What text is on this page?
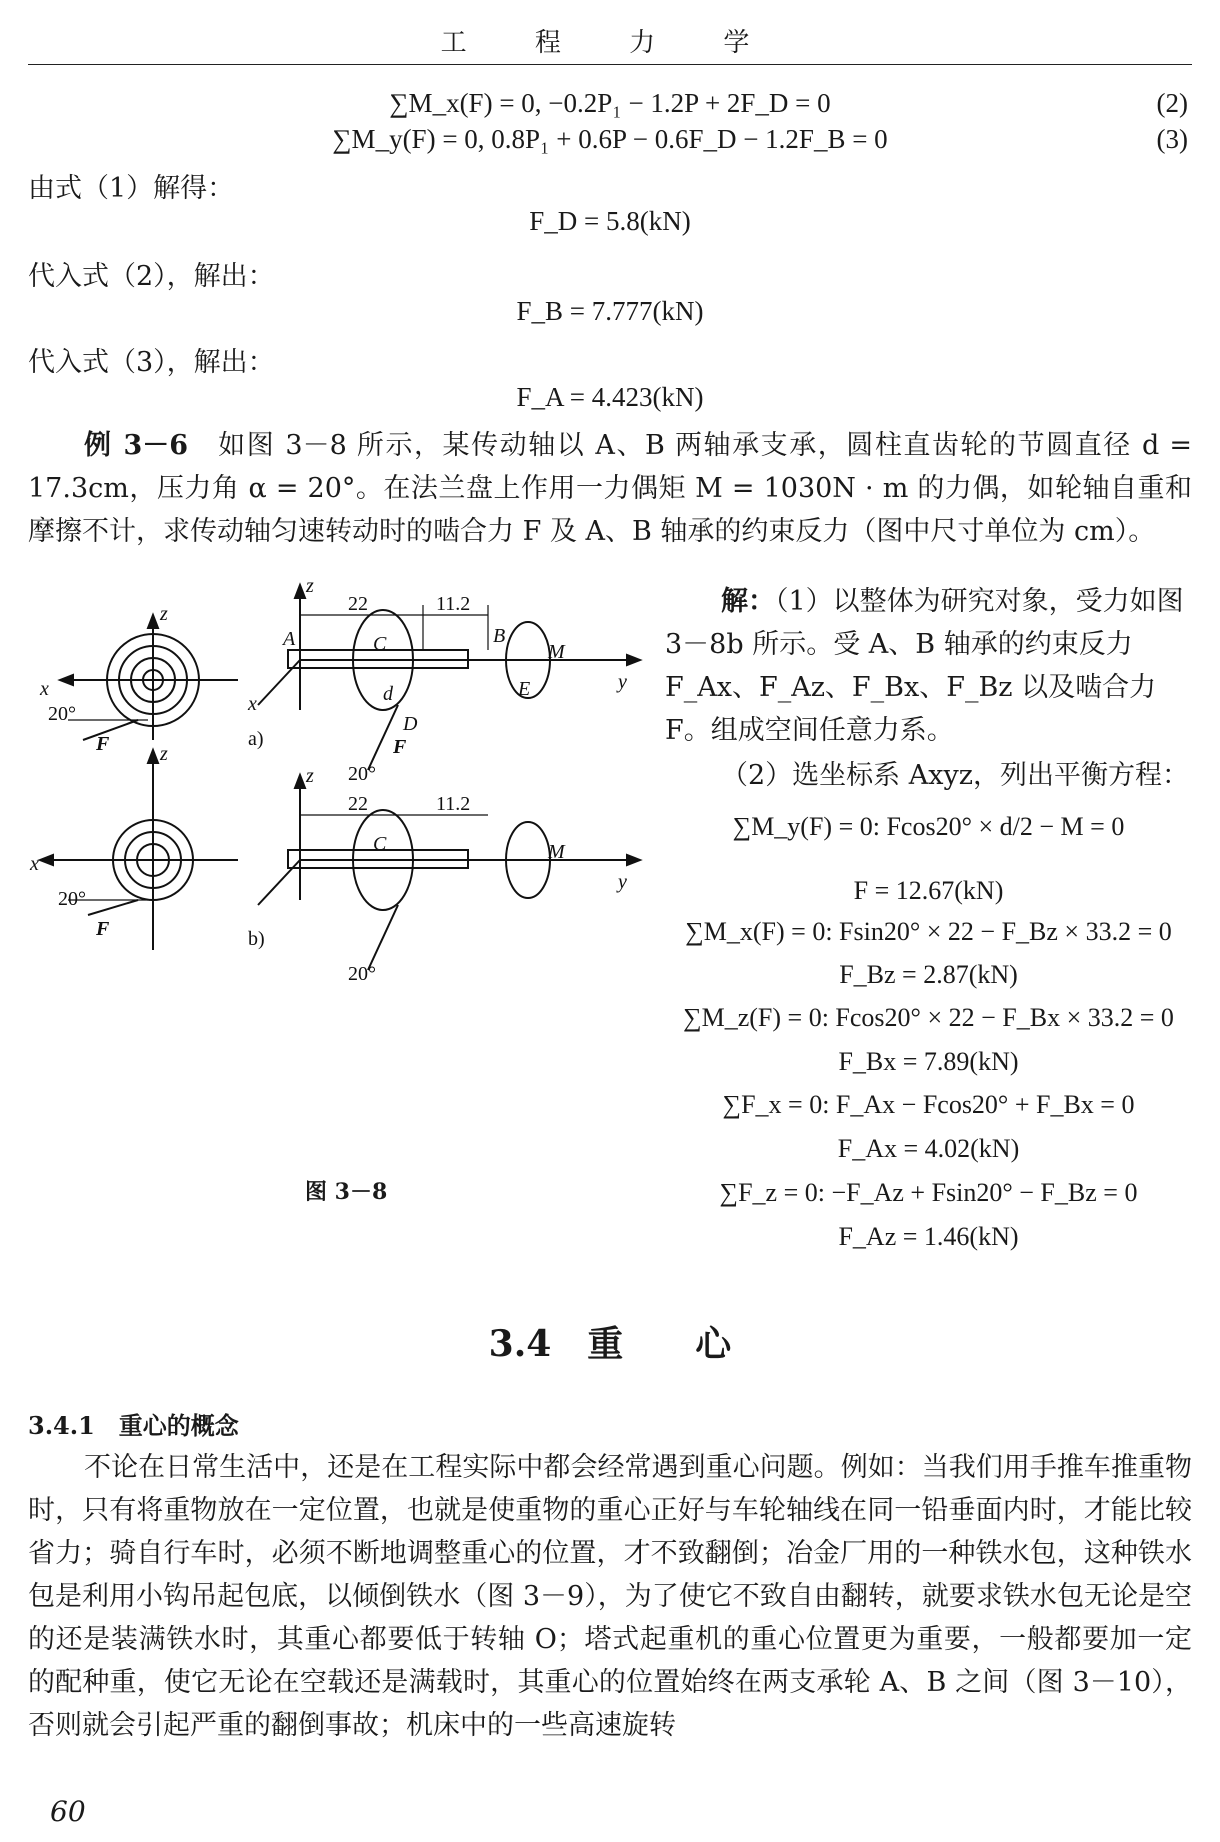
工 程 力 学
∑M_x(F) = 0, −0.2P₁ − 1.2P + 2F_D = 0	(2)
∑M_y(F) = 0, 0.8P₁ + 0.6P − 0.6F_D − 1.2F_B = 0	(3)
由式（1）解得：
F_D = 5.8(kN)
代入式（2），解出：
F_B = 7.777(kN)
代入式（3），解出：
F_A = 4.423(kN)
例 3－6　如图 3－8 所示，某传动轴以 A、B 两轴承支承，圆柱直齿轮的节圆直径 d = 17.3cm，压力角 α = 20°。在法兰盘上作用一力偶矩 M = 1030N · m 的力偶，如轮轴自重和摩擦不计，求传动轴匀速转动时的啮合力 F 及 A、B 轴承的约束反力（图中尺寸单位为 cm）。
z
x
20°
F
z
x
y
22	11.2
A	B
C	M
E
d
D
20°
F
a)
z
x
20°
F
z
y
22	11.2
C	M
20°
b)
图 3－8
解：（1）以整体为研究对象，受力如图 3－8b 所示。受 A、B 轴承的约束反力 F_Ax、F_Az、F_Bx、F_Bz 以及啮合力 F。组成空间任意力系。
（2）选坐标系 Axyz，列出平衡方程：
∑M_y(F) = 0: Fcos20° × d/2 − M = 0
F = 12.67(kN)
∑M_x(F) = 0: Fsin20° × 22 − F_Bz × 33.2 = 0
F_Bz = 2.87(kN)
∑M_z(F) = 0: Fcos20° × 22 − F_Bx × 33.2 = 0
F_Bx = 7.89(kN)
∑F_x = 0: F_Ax − Fcos20° + F_Bx = 0
F_Ax = 4.02(kN)
∑F_z = 0: −F_Az + Fsin20° − F_Bz = 0
F_Az = 1.46(kN)
3.4　重　　心
3.4.1　重心的概念
不论在日常生活中，还是在工程实际中都会经常遇到重心问题。例如：当我们用手推车推重物时，只有将重物放在一定位置，也就是使重物的重心正好与车轮轴线在同一铅垂面内时，才能比较省力；骑自行车时，必须不断地调整重心的位置，才不致翻倒；冶金厂用的一种铁水包，这种铁水包是利用小钩吊起包底，以倾倒铁水（图 3－9），为了使它不致自由翻转，就要求铁水包无论是空的还是装满铁水时，其重心都要低于转轴 O；塔式起重机的重心位置更为重要，一般都要加一定的配种重，使它无论在空载还是满载时，其重心的位置始终在两支承轮 A、B 之间（图 3－10），否则就会引起严重的翻倒事故；机床中的一些高速旋转
60
